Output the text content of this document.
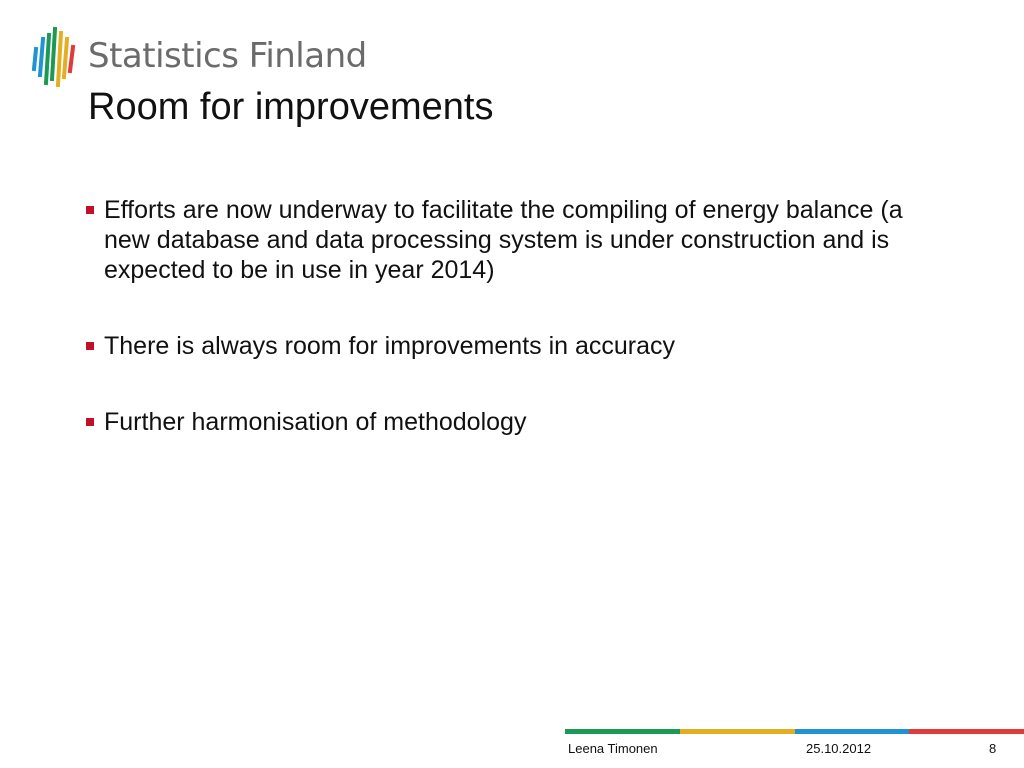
Statistics Finland
Room for improvements
Efforts are now underway to facilitate the compiling of energy balance (a new database and data processing system is under construction and is expected to be in use in year 2014)
There is always room for improvements in accuracy
Further harmonisation of methodology
Leena Timonen	25.10.2012	8
